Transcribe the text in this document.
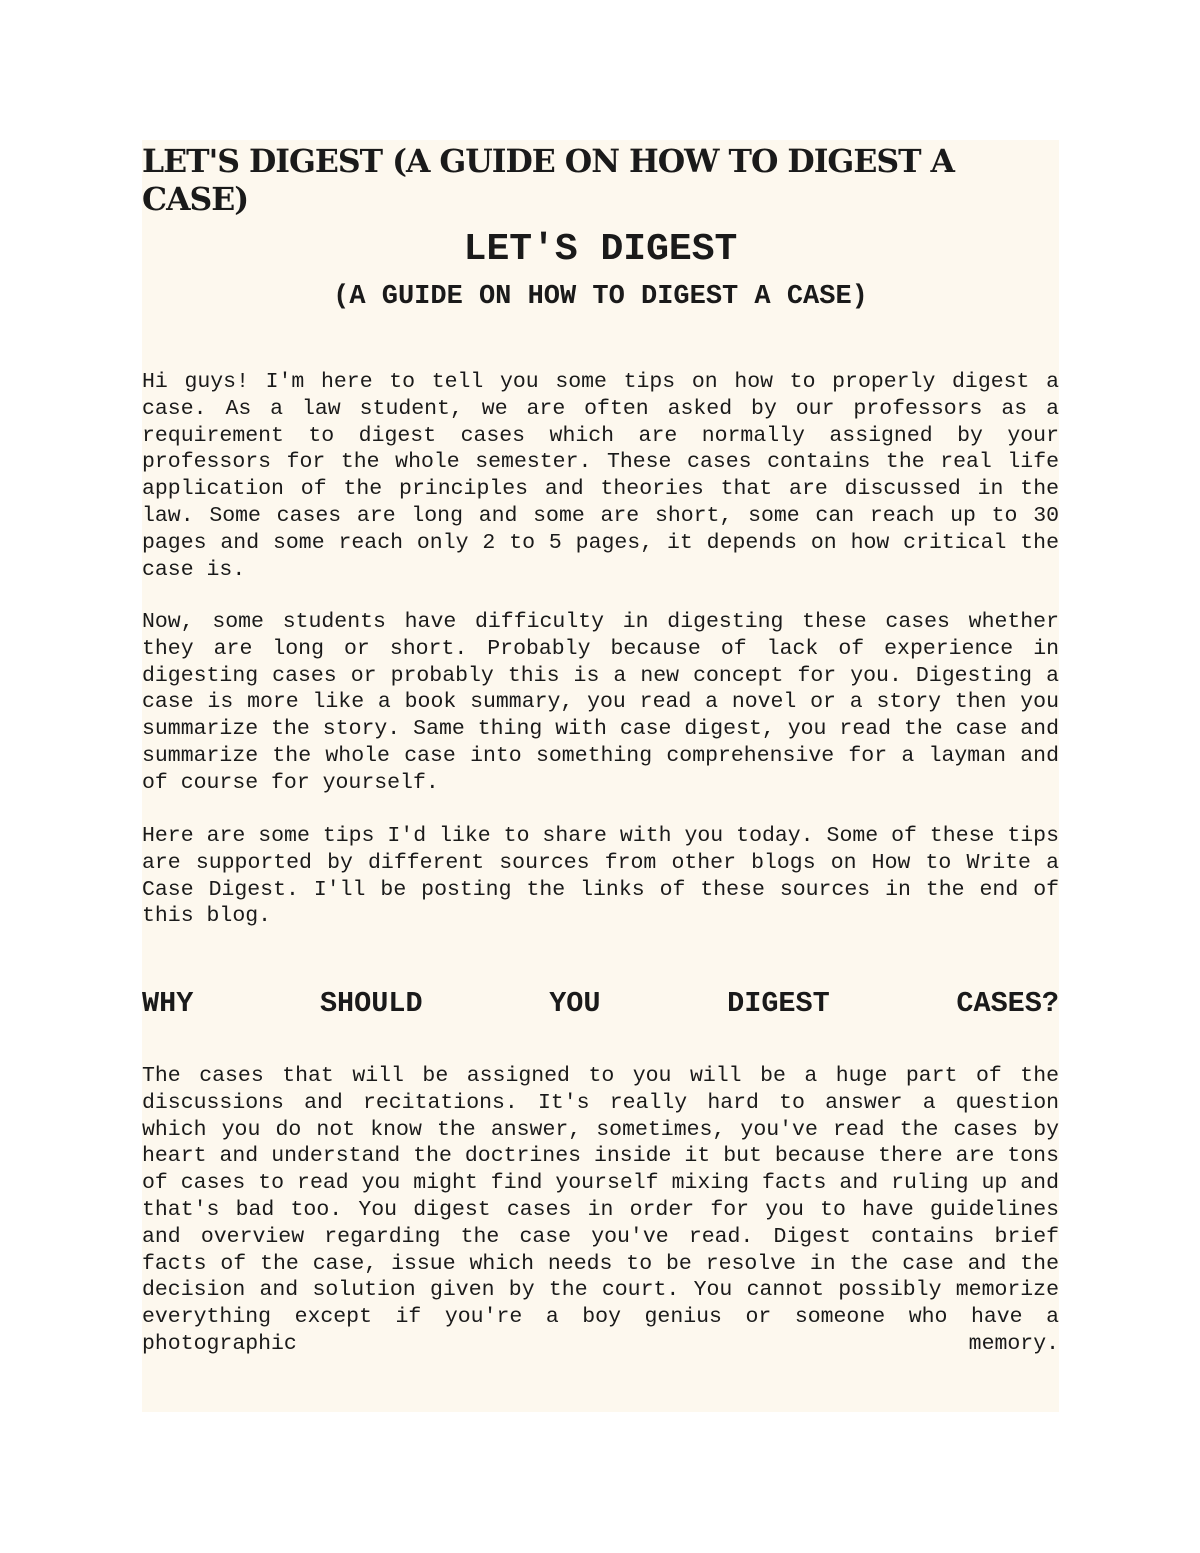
LET'S DIGEST (A GUIDE ON HOW TO DIGEST A CASE)
LET'S DIGEST
(A GUIDE ON HOW TO DIGEST A CASE)

Hi guys! I'm here to tell you some tips on how to properly digest a case. As a law student, we are often asked by our professors as a requirement to digest cases which are normally assigned by your professors for the whole semester. These cases contains the real life application of the principles and theories that are discussed in the law. Some cases are long and some are short, some can reach up to 30 pages and some reach only 2 to 5 pages, it depends on how critical the case is.

Now, some students have difficulty in digesting these cases whether they are long or short. Probably because of lack of experience in digesting cases or probably this is a new concept for you. Digesting a case is more like a book summary, you read a novel or a story then you summarize the story. Same thing with case digest, you read the case and summarize the whole case into something comprehensive for a layman and of course for yourself.

Here are some tips I'd like to share with you today. Some of these tips are supported by different sources from other blogs on How to Write a Case Digest. I'll be posting the links of these sources in the end of this blog.

WHY	SHOULD	YOU	DIGEST	CASES?

The cases that will be assigned to you will be a huge part of the discussions and recitations. It's really hard to answer a question which you do not know the answer, sometimes, you've read the cases by heart and understand the doctrines inside it but because there are tons of cases to read you might find yourself mixing facts and ruling up and that's bad too. You digest cases in order for you to have guidelines and overview regarding the case you've read. Digest contains brief facts of the case, issue which needs to be resolve in the case and the decision and solution given by the court. You cannot possibly memorize everything except if you're a boy genius or someone who have a photographic memory.
